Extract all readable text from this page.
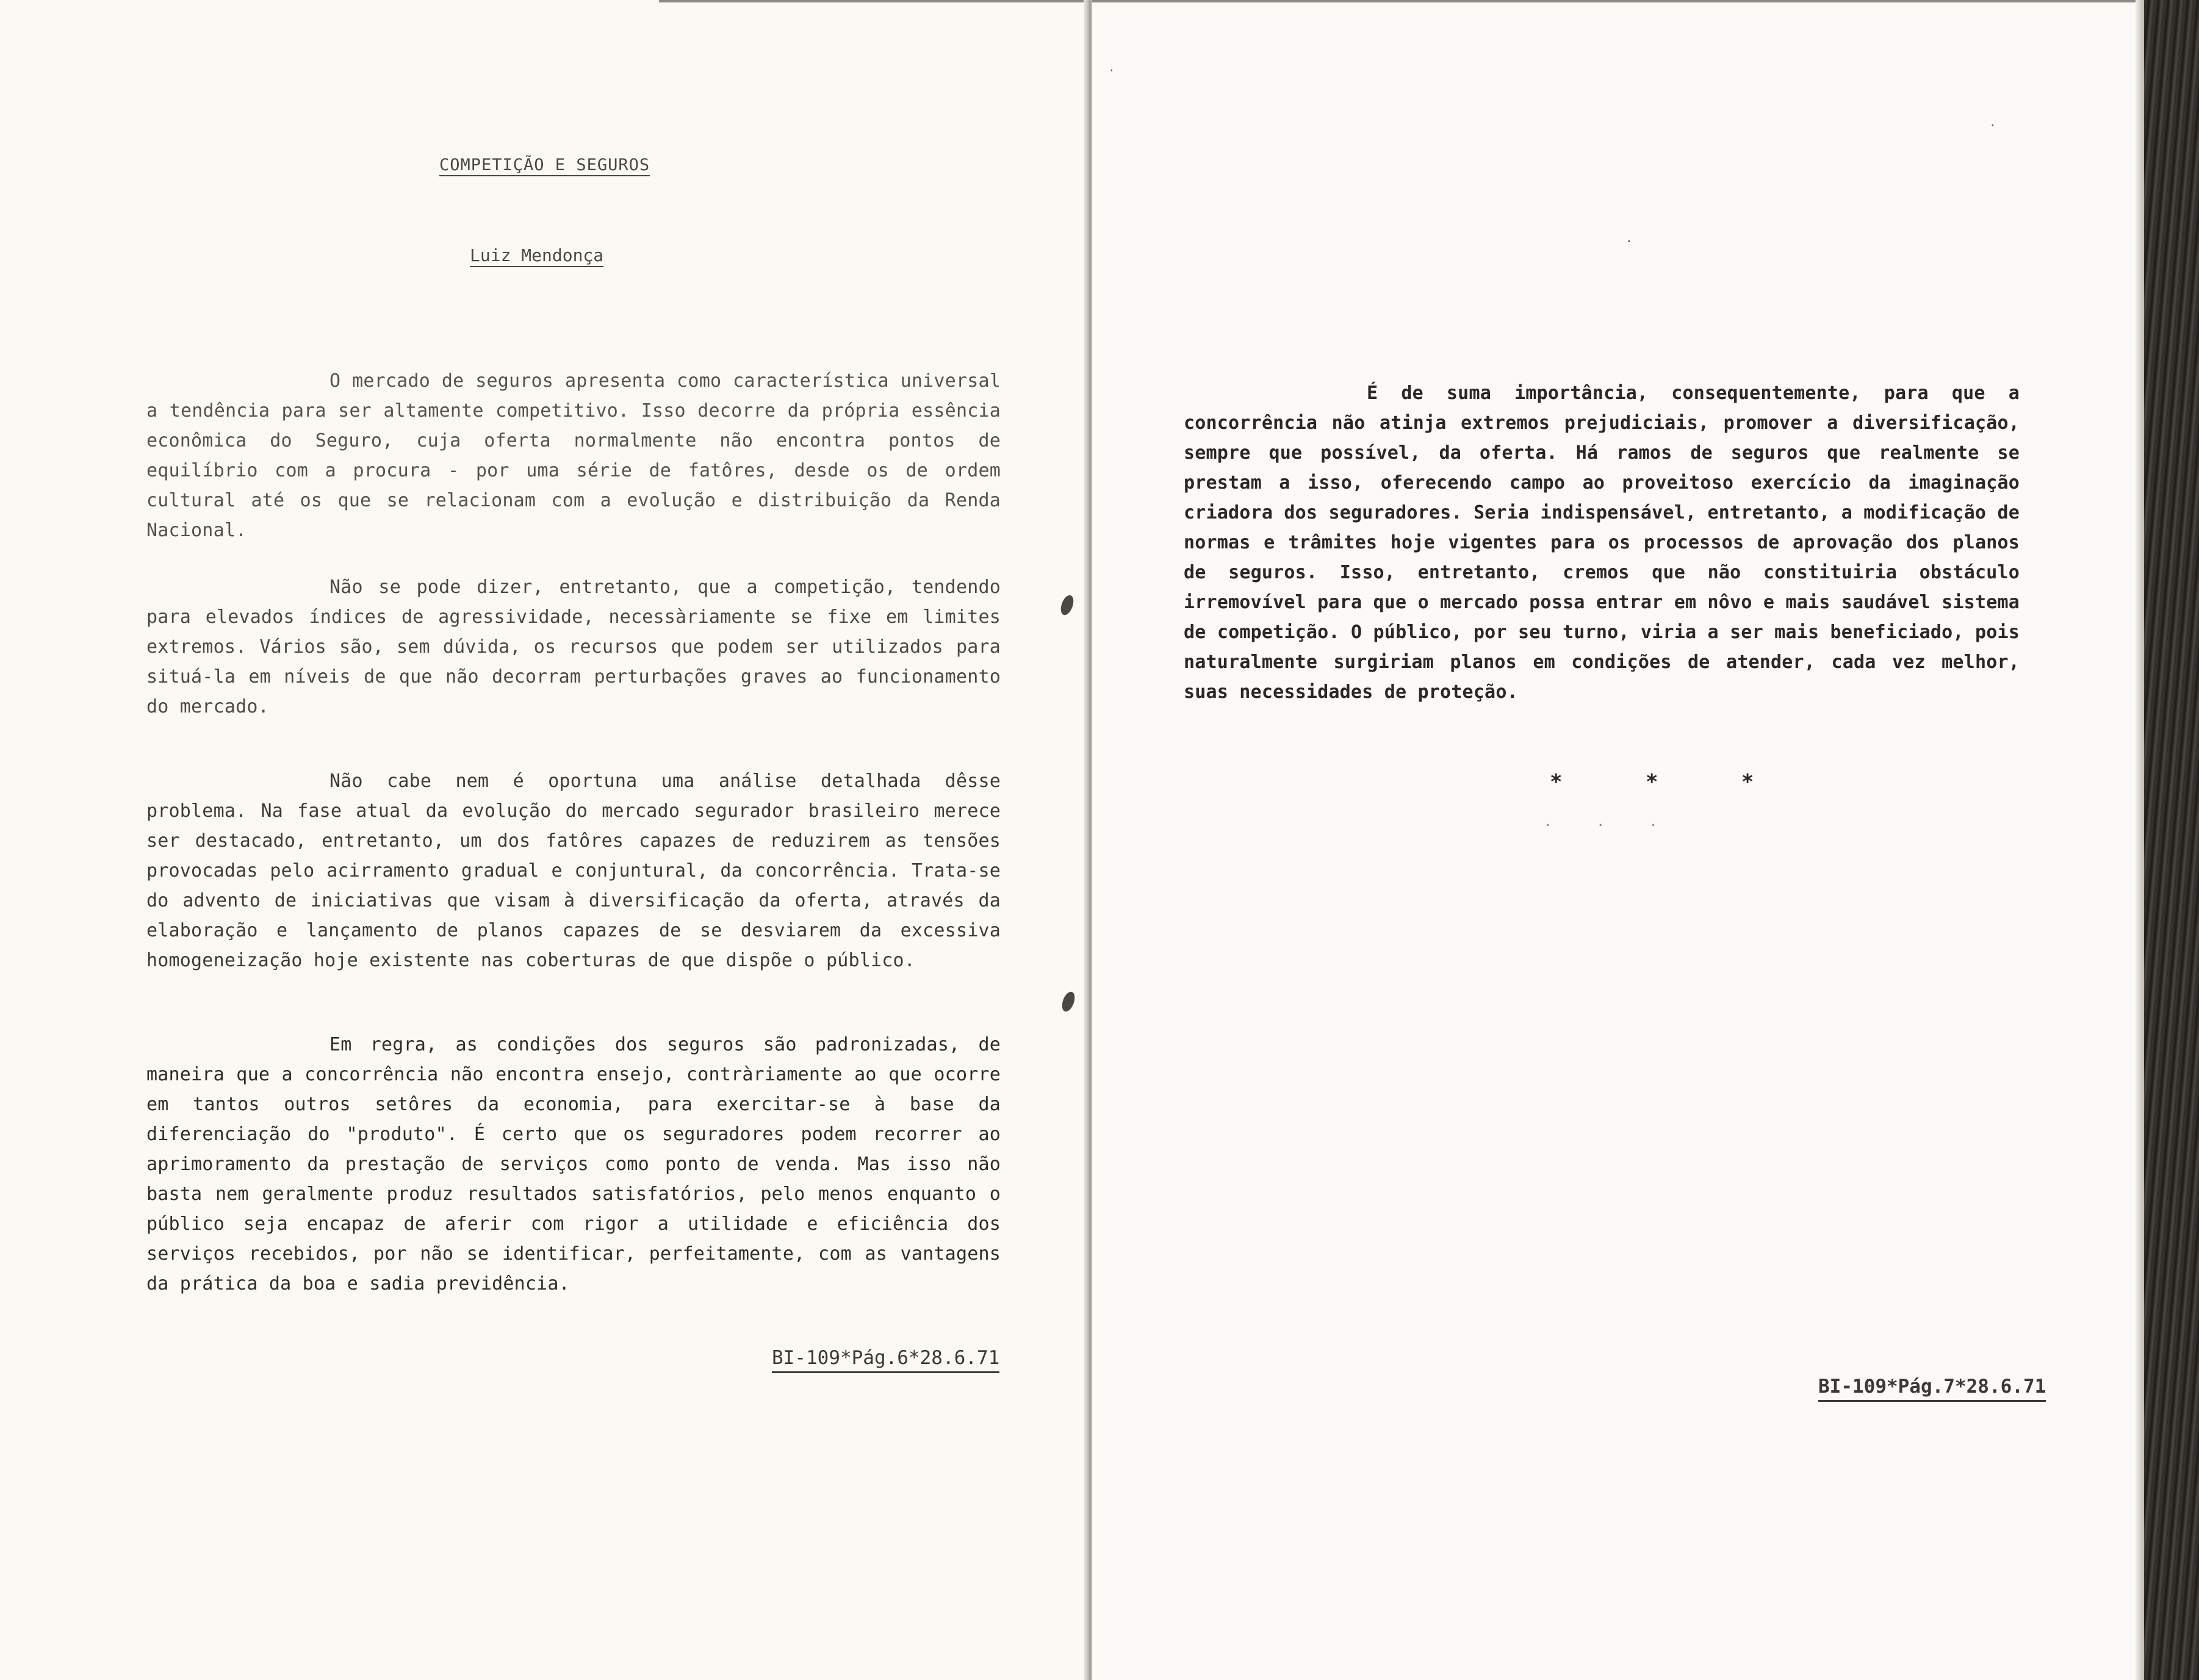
COMPETIÇÃO E SEGUROS
Luiz Mendonça
O mercado de seguros apresenta como característica universal a tendência para ser altamente competitivo. Isso decorre da própria essência econômica do Seguro, cuja oferta normalmente não encontra pontos de equilíbrio com a procura - por uma série de fatôres, desde os de ordem cultural até os que se relacionam com a evolução e distribuição da Renda Nacional.
Não se pode dizer, entretanto, que a competição, tendendo para elevados índices de agressividade, necessàriamente se fixe em limites extremos. Vários são, sem dúvida, os recursos que podem ser utilizados para situá-la em níveis de que não decorram perturbações graves ao funcionamento do mercado.
Não cabe nem é oportuna uma análise detalhada dêsse problema. Na fase atual da evolução do mercado segurador brasileiro merece ser destacado, entretanto, um dos fatôres capazes de reduzirem as tensões provocadas pelo acirramento gradual e conjuntural, da concorrência. Trata-se do advento de iniciativas que visam à diversificação da oferta, através da elaboração e lançamento de planos capazes de se desviarem da excessiva homogeneização hoje existente nas coberturas de que dispõe o público.
Em regra, as condições dos seguros são padronizadas, de maneira que a concorrência não encontra ensejo, contràriamente ao que ocorre em tantos outros setôres da economia, para exercitar-se à base da diferenciação do "produto". É certo que os seguradores podem recorrer ao aprimoramento da prestação de serviços como ponto de venda. Mas isso não basta nem geralmente produz resultados satisfatórios, pelo menos enquanto o público seja encapaz de aferir com rigor a utilidade e eficiência dos serviços recebidos, por não se identificar, perfeitamente, com as vantagens da prática da boa e sadia previdência.
BI-109*Pág.6*28.6.71
.
.
.
É de suma importância, consequentemente, para que a concorrência não atinja extremos prejudiciais, promover a diversificação, sempre que possível, da oferta. Há ramos de seguros que realmente se prestam a isso, oferecendo campo ao proveitoso exercício da imaginação criadora dos seguradores. Seria indispensável, entretanto, a modificação de normas e trâmites hoje vigentes para os processos de aprovação dos planos de seguros. Isso, entretanto, cremos que não constituiria obstáculo irremovível para que o mercado possa entrar em nôvo e mais saudável sistema de competição. O público, por seu turno, viria a ser mais beneficiado, pois naturalmente surgiriam planos em condições de atender, cada vez melhor, suas necessidades de proteção.
* * *
. . .
BI-109*Pág.7*28.6.71
